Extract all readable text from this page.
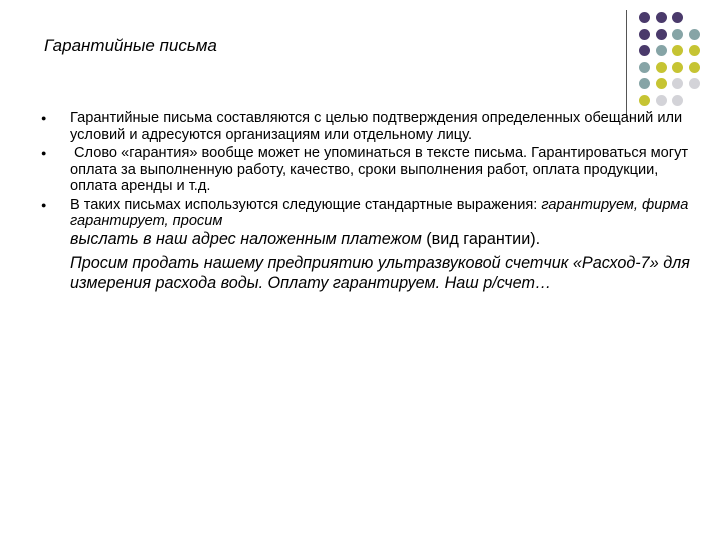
Гарантийные письма
● Гарантийные письма составляются с целью подтверждения определенных обещаний или условий и адресуются организациям или отдельному лицу.
● Слово «гарантия» вообще может не упоминаться в тексте письма. Гарантироваться могут оплата за выполненную работу, качество, сроки выполнения работ, оплата продукции, оплата аренды и т.д.
● В таких письмах используются следующие стандартные выражения: гарантируем, фирма гарантирует, просим
выслать в наш адрес наложенным платежом (вид гарантии).

Просим продать нашему предприятию ультразвуковой счетчик «Расход-7» для измерения расхода воды. Оплату гарантируем. Наш р/счет…
